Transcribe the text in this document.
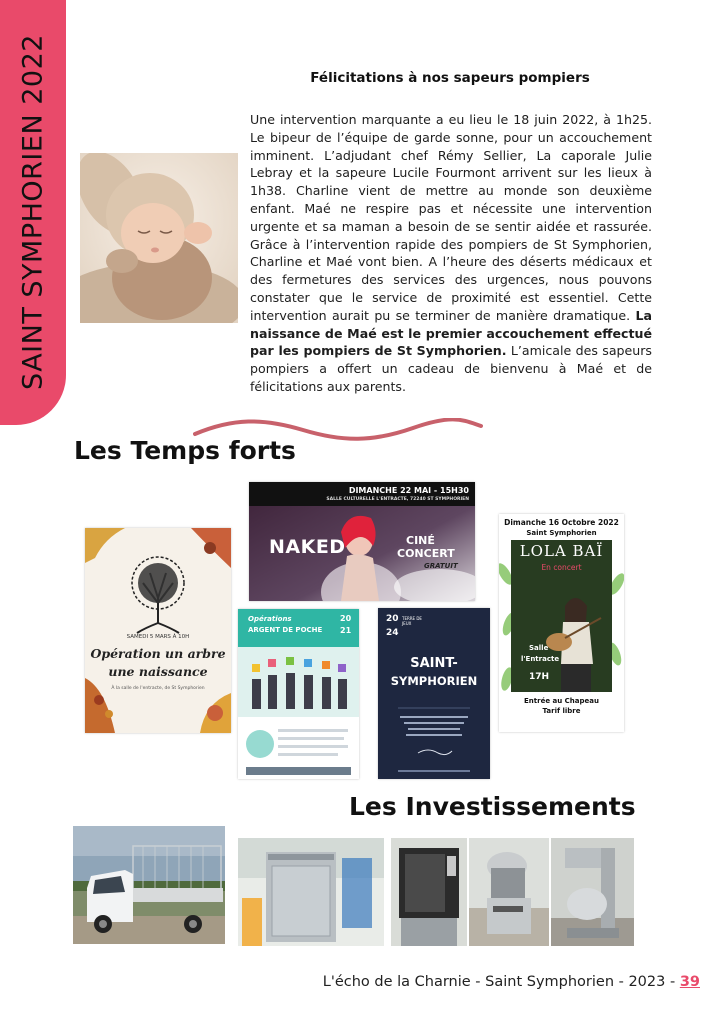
SAINT SYMPHORIEN 2022	Félicitations à nos sapeurs pompiers
Une intervention marquante a eu lieu le 18 juin 2022, à 1h25. Le bipeur de l’équipe de garde sonne, pour un accouchement imminent. L’adjudant chef Rémy Sellier, La caporale Julie Lebray et la sapeure Lucile Fourmont arrivent sur les lieux à 1h38. Charline vient de mettre au monde son deuxième enfant. Maé ne respire pas et nécessite une intervention urgente et sa maman a besoin de se sentir aidée et rassurée. Grâce à l’intervention rapide des pompiers de St Symphorien, Charline et Maé vont bien. A l’heure des déserts médicaux et des fermetures des services des urgences, nous pouvons constater que le service de proximité est essentiel. Cette intervention aurait pu se terminer de manière dramatique. La naissance de Maé est le premier accouchement effectué par les pompiers de St Symphorien. L’amicale des sapeurs pompiers a offert un cadeau de bienvenu à Maé et de félicitations aux parents.
Les Temps forts
SAMEDI 5 MARS À 10H
Opération un arbre
une naissance
À la salle de l'entracte, de St Symphorien
DIMANCHE 22 MAI - 15H30
SALLE CULTURELLE L'ENTRACTE, 72240 ST SYMPHORIEN
NAKED	CINÉ
CONCERT
GRATUIT
Opérations
ARGENT DE POCHE
20
21
20 TERRE DE JEUX
24
SAINT-
SYMPHORIEN
Dimanche 16 Octobre 2022
Saint Symphorien
LOLA BAÏ
En concert
Salle
l'Entracte
17H
Entrée au Chapeau
Tarif libre
Les Investissements
L'écho de la Charnie - Saint Symphorien - 2023 - 39
